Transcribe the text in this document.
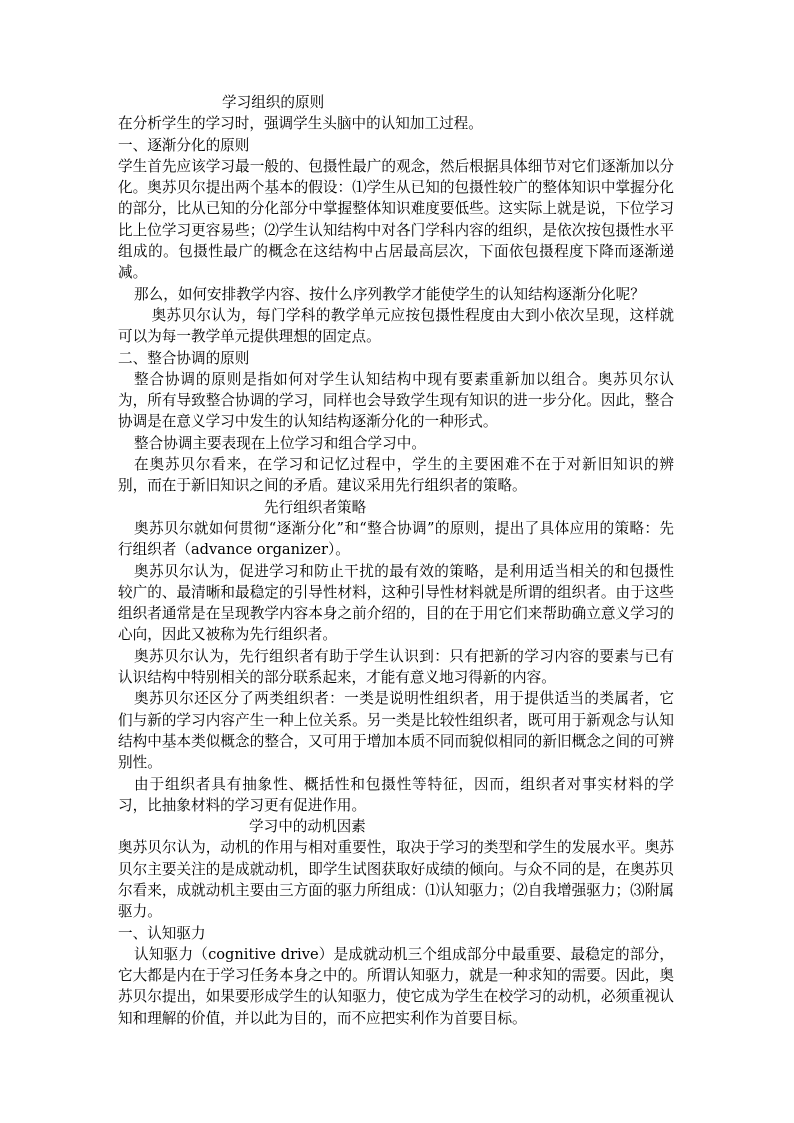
学习组织的原则

在分析学生的学习时，强调学生头脑中的认知加工过程。

一、逐渐分化的原则

学生首先应该学习最一般的、包摄性最广的观念，然后根据具体细节对它们逐渐加以分化。奥苏贝尔提出两个基本的假设：⑴学生从已知的包摄性较广的整体知识中掌握分化的部分，比从已知的分化部分中掌握整体知识难度要低些。这实际上就是说，下位学习比上位学习更容易些；⑵学生认知结构中对各门学科内容的组织，是依次按包摄性水平组成的。包摄性最广的概念在这结构中占居最高层次，下面依包摄程度下降而逐渐递减。

那么，如何安排教学内容、按什么序列教学才能使学生的认知结构逐渐分化呢？

奥苏贝尔认为，每门学科的教学单元应按包摄性程度由大到小依次呈现，这样就可以为每一教学单元提供理想的固定点。

二、整合协调的原则

整合协调的原则是指如何对学生认知结构中现有要素重新加以组合。奥苏贝尔认为，所有导致整合协调的学习，同样也会导致学生现有知识的进一步分化。因此，整合协调是在意义学习中发生的认知结构逐渐分化的一种形式。

整合协调主要表现在上位学习和组合学习中。

在奥苏贝尔看来，在学习和记忆过程中，学生的主要困难不在于对新旧知识的辨别，而在于新旧知识之间的矛盾。建议采用先行组织者的策略。

先行组织者策略

奥苏贝尔就如何贯彻“逐渐分化”和“整合协调”的原则，提出了具体应用的策略：先行组织者（advance organizer）。

奥苏贝尔认为，促进学习和防止干扰的最有效的策略，是利用适当相关的和包摄性较广的、最清晰和最稳定的引导性材料，这种引导性材料就是所谓的组织者。由于这些组织者通常是在呈现教学内容本身之前介绍的，目的在于用它们来帮助确立意义学习的心向，因此又被称为先行组织者。

奥苏贝尔认为，先行组织者有助于学生认识到：只有把新的学习内容的要素与已有认识结构中特别相关的部分联系起来，才能有意义地习得新的内容。

奥苏贝尔还区分了两类组织者：一类是说明性组织者，用于提供适当的类属者，它们与新的学习内容产生一种上位关系。另一类是比较性组织者，既可用于新观念与认知结构中基本类似概念的整合，又可用于增加本质不同而貌似相同的新旧概念之间的可辨别性。

由于组织者具有抽象性、概括性和包摄性等特征，因而，组织者对事实材料的学习，比抽象材料的学习更有促进作用。

学习中的动机因素

奥苏贝尔认为，动机的作用与相对重要性，取决于学习的类型和学生的发展水平。奥苏贝尔主要关注的是成就动机，即学生试图获取好成绩的倾向。与众不同的是，在奥苏贝尔看来，成就动机主要由三方面的驱力所组成：⑴认知驱力；⑵自我增强驱力；⑶附属驱力。

一、认知驱力

认知驱力（cognitive drive）是成就动机三个组成部分中最重要、最稳定的部分，它大都是内在于学习任务本身之中的。所谓认知驱力，就是一种求知的需要。因此，奥苏贝尔提出，如果要形成学生的认知驱力，使它成为学生在校学习的动机，必须重视认知和理解的价值，并以此为目的，而不应把实利作为首要目标。
